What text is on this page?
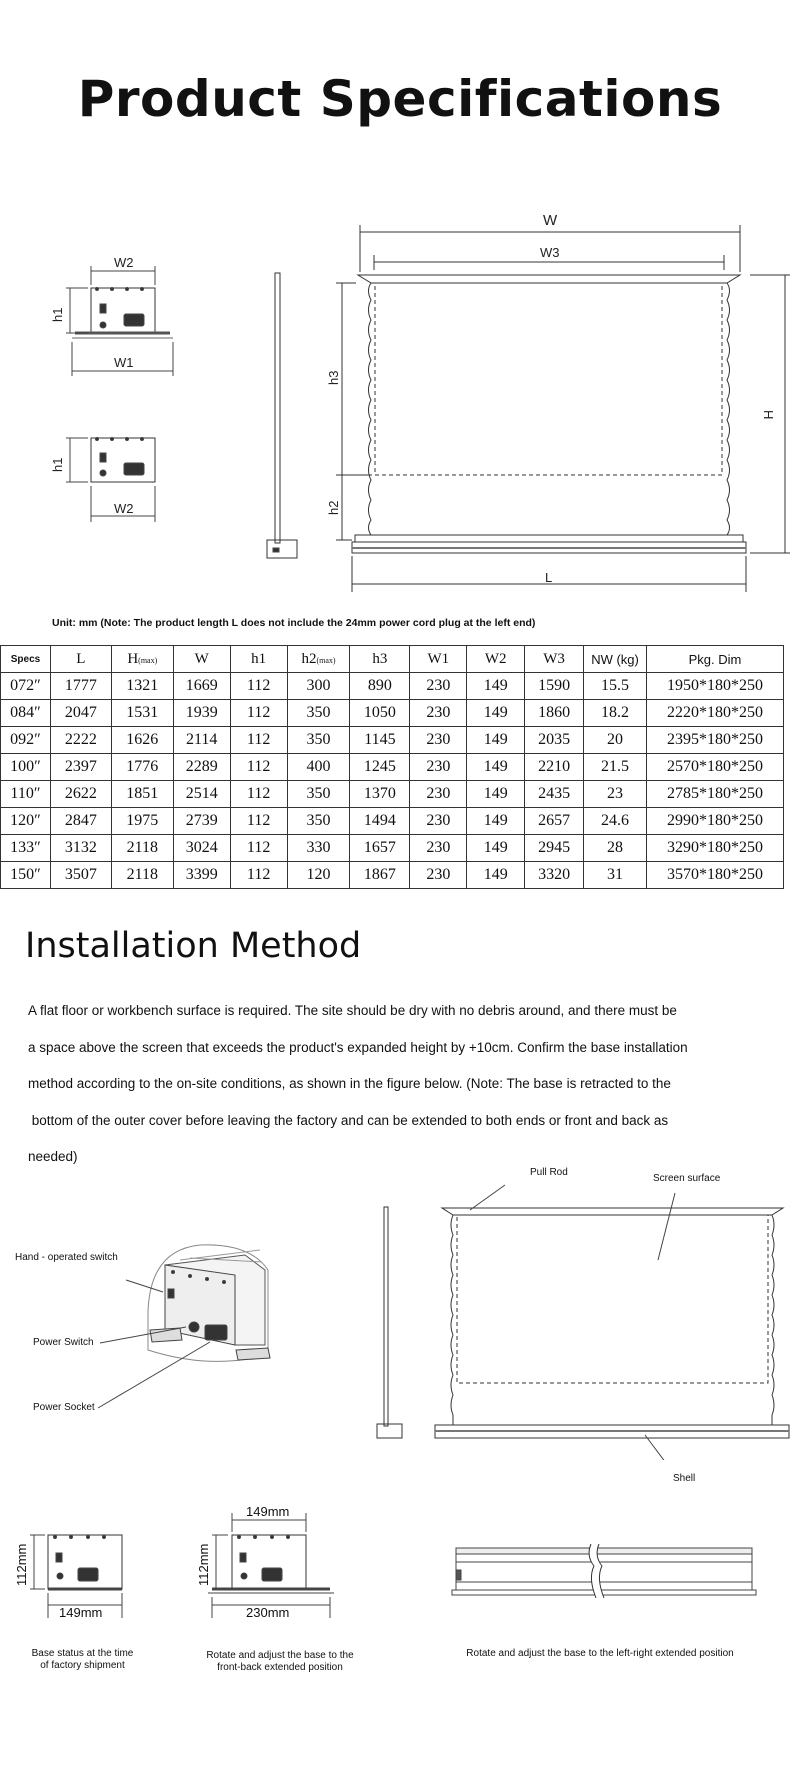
Product Specifications
W2
W1
h1
h1
W2
W
W3
h3
h2
H
L
Unit: mm (Note: The product length L does not include the 24mm power cord plug at the left end)
Specs	L	H(max)	W	h1	h2(max)	h3	W1	W2	W3	NW (kg)	Pkg. Dim
072″	1777	1321	1669	112	300	890	230	149	1590	15.5	1950*180*250
084″	2047	1531	1939	112	350	1050	230	149	1860	18.2	2220*180*250
092″	2222	1626	2114	112	350	1145	230	149	2035	20	2395*180*250
100″	2397	1776	2289	112	400	1245	230	149	2210	21.5	2570*180*250
110″	2622	1851	2514	112	350	1370	230	149	2435	23	2785*180*250
120″	2847	1975	2739	112	350	1494	230	149	2657	24.6	2990*180*250
133″	3132	2118	3024	112	330	1657	230	149	2945	28	3290*180*250
150″	3507	2118	3399	112	120	1867	230	149	3320	31	3570*180*250
Installation Method

A flat floor or workbench surface is required. The site should be dry with no debris around, and there must be

a space above the screen that exceeds the product's expanded height by +10cm. Confirm the base installation

method according to the on-site conditions, as shown in the figure below. (Note: The base is retracted to the

bottom of the outer cover before leaving the factory and can be extended to both ends or front and back as

needed)

Hand - operated switch
Power Switch
Power Socket
Pull Rod
Screen surface
Shell
112mm
149mm
112mm
149mm
230mm
Base status at the time
of factory shipment
Rotate and adjust the base to the
front-back extended position
Rotate and adjust the base to the left-right extended position
